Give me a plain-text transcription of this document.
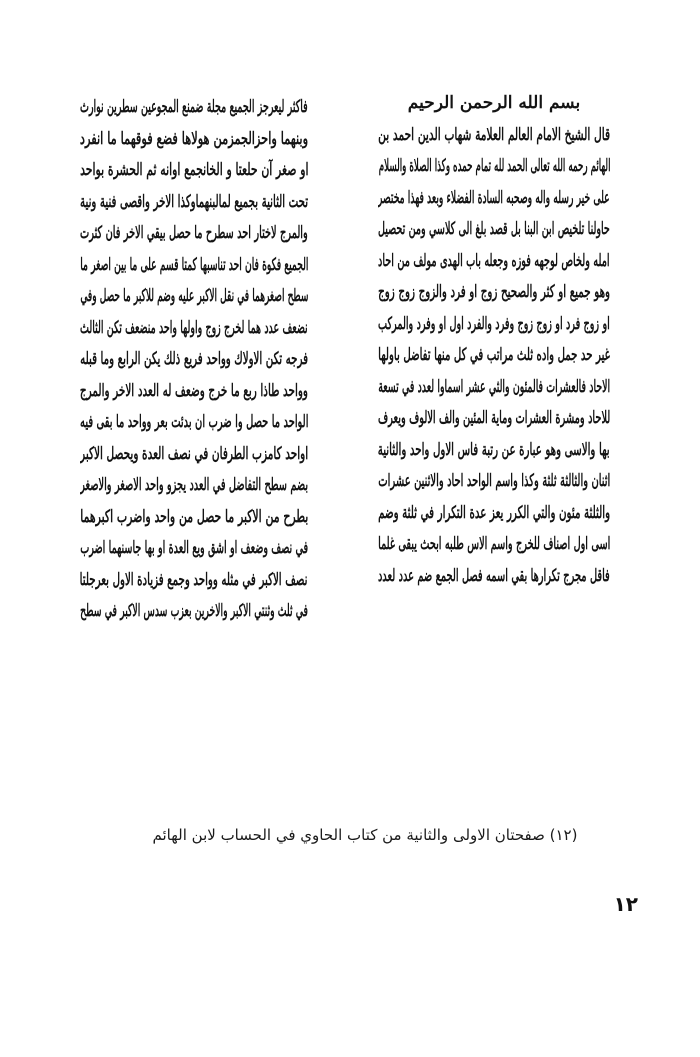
فاكثر ليعرجز الجميع مجلة ضمنع المجوعين سطرين نوارث
وبنهما واحزالجمزمن هولاها فضع فوقهما ما انفرد
او صغر آن حلعتا و الخانجمع اوانه ثم الحشرة بواحد
تحت الثانية بجميع لمالبنهماوكذا الاخر واقصى فنية ونية
والمرج لاختار احد سطرح ما حصل بيقي الاخر فان كثرت
الجميع فكوة فان احد تناسبها كمتا قسم على ما بين اصغر ما
سطح اصغرهما في نقل الاكبر عليه وضم للاكبر ما حصل وفي
نضعف عدد هما لخرج زوج واولها واحد منضعف تكن الثالث
فرجه تكن الاولاك وواحد فريع ذلك يكن الرابع وما قبله
وواحد طاذا ربع ما خرج وضعف له العدد الاخر والمرج
الواحد ما حصل وا ضرب ان بدئت بعر وواحد ما بقى فيه
اواحد كامزب الطرفان في نصف العدة ويحصل الاكبر
بضم سطح التفاضل في العدد يجزو واحد الاصغر والاصغر
بطرح من الاكبر ما حصل من واحد واضرب اكبرهما
في نصف وضعف او اشق ويع العدة او بها جاسنهما اضرب
نصف الاكبر في مثله وواحد وجمع فزيادة الاول بعرجلتا
في ثلث وثنتي الاكبر والاخرين بعزب سدس الاكبر في سطح
بسم الله الرحمن الرحيم
قال الشيخ الامام العالم العلامة شهاب الدين احمد بن
الهائم رحمه الله تعالى الحمد لله تمام حمده وكذا الصلاة والسلام
على خير رسله واله وصحبه السادة الفضلاء وبعد فهذا مختصر
حاولنا تلخيص ابن البنا بل قصد بلغ الى كلاسي ومن تحصيل
امله ولخاص لوجهه فوزه وجعله باب الهدى مولف من احاد
وهو جميع او كثر والصحيح زوج او فرد والزوج زوج زوج
او زوج فرد او زوج زوج وفرد والفرد اول او وفرد والمركب
غير حد جمل واده ثلث مراتب في كل منها تفاضل باولها
الاحاد فالعشرات فالمئون والثي عشر اسماوا لعدد في تسعة
للاحاد ومشرة العشرات وماية المئين والف الالوف ويعرف
بها والاسى وهو عبارة عن رتبة فاس الاول واحد والثانية
اثنان والثالثة ثلثة وكذا واسم الواحد احاد والاثنين عشرات
والثلثة مئون والتي الكرر يعز عدة التكرار في ثلثة وضم
اسى اول اصناف للخرج واسم الاس طلبه ابحث يبقى غلما
فاقل مجرج تكرارها بقي اسمه فصل الجمع ضم عدد لعدد
(١٢) صفحتان الاولى والثانية من كتاب الحاوي في الحساب لابن الهائم
١٢
